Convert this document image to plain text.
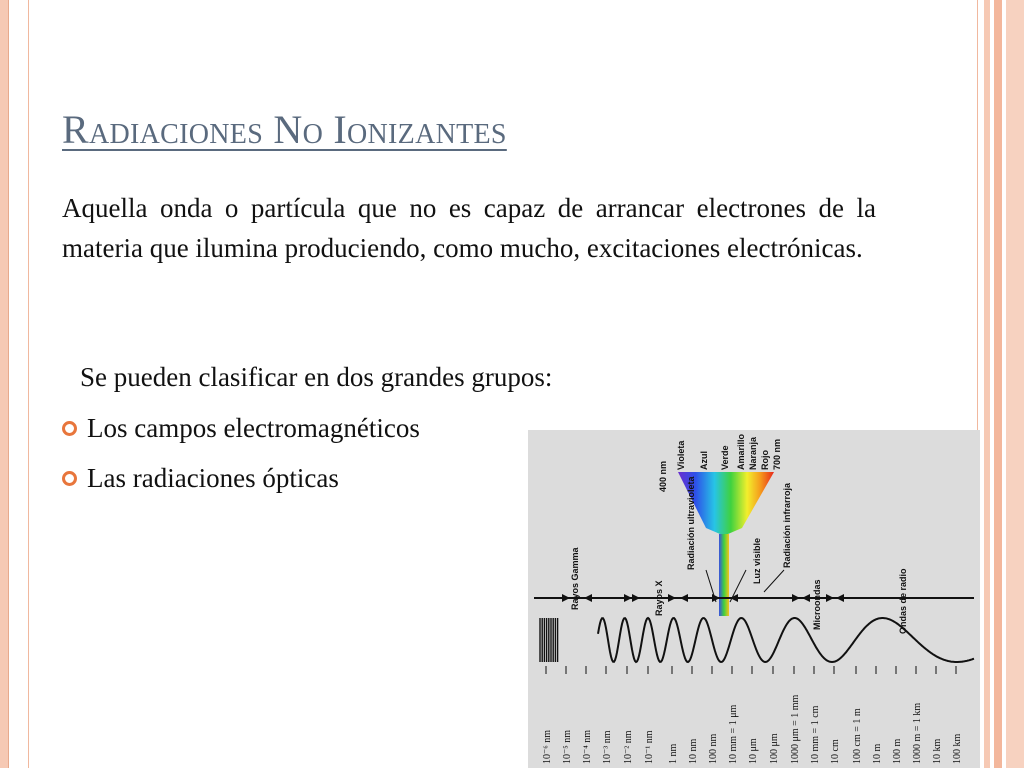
Radiaciones No Ionizantes

Aquella onda o partícula que no es capaz de arrancar electrones de la materia que ilumina produciendo, como mucho, excitaciones electrónicas.

Se pueden clasificar en dos grandes grupos:

Los campos electromagnéticos
Las radiaciones ópticas	400 nm
Violeta Azul Verde Amarillo Naranja Rojo 700 nm
Rayos Gamma	Rayos X
Radiación ultravioleta	Luz visible Radiación infrarroja
Microondas	Ondas de radio
10⁻⁶ nm 10⁻⁵ nm 10⁻⁴ nm 10⁻³ nm 10⁻² nm 10⁻¹ nm 1 nm 10 nm 100 nm 10 mm = 1 μm 10 μm 100 μm 1000 μm = 1 mm 10 mm = 1 cm 10 cm 100 cm = 1 m 10 m 100 m 1000 m = 1 km 10 km 100 km
